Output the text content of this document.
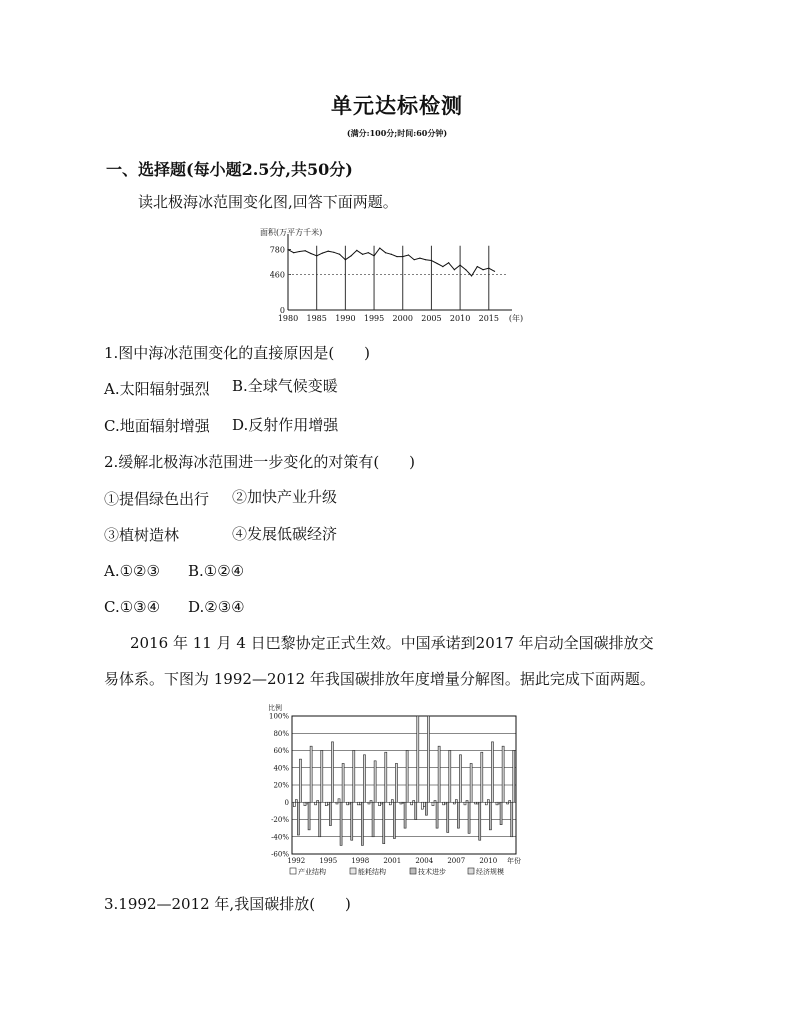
单元达标检测
(满分:100分;时间:60分钟)
一、选择题(每小题2.5分,共50分)
读北极海冰范围变化图,回答下面两题。
面积(万平方千米)
0
460
780
1980 1985 1990 1995 2000 2005 2010 2015 (年)
1.图中海冰范围变化的直接原因是(　　)
A.太阳辐射强烈 B.全球气候变暖
C.地面辐射增强 D.反射作用增强
2.缓解北极海冰范围进一步变化的对策有(　　)
①提倡绿色出行 ②加快产业升级
③植树造林	④发展低碳经济
A.①②③ B.①②④
C.①③④ D.②③④
2016 年 11 月 4 日巴黎协定正式生效。中国承诺到2017 年启动全国碳排放交
易体系。下图为 1992—2012 年我国碳排放年度增量分解图。据此完成下面两题。
比例
100%
80%
60%
40%
20%
0
-20%
-40%
-60%
1992 1995 1998 2001 2004 2007 2010 年份
产业结构	能耗结构	技术进步	经济规模
3.1992—2012 年,我国碳排放(　　)
